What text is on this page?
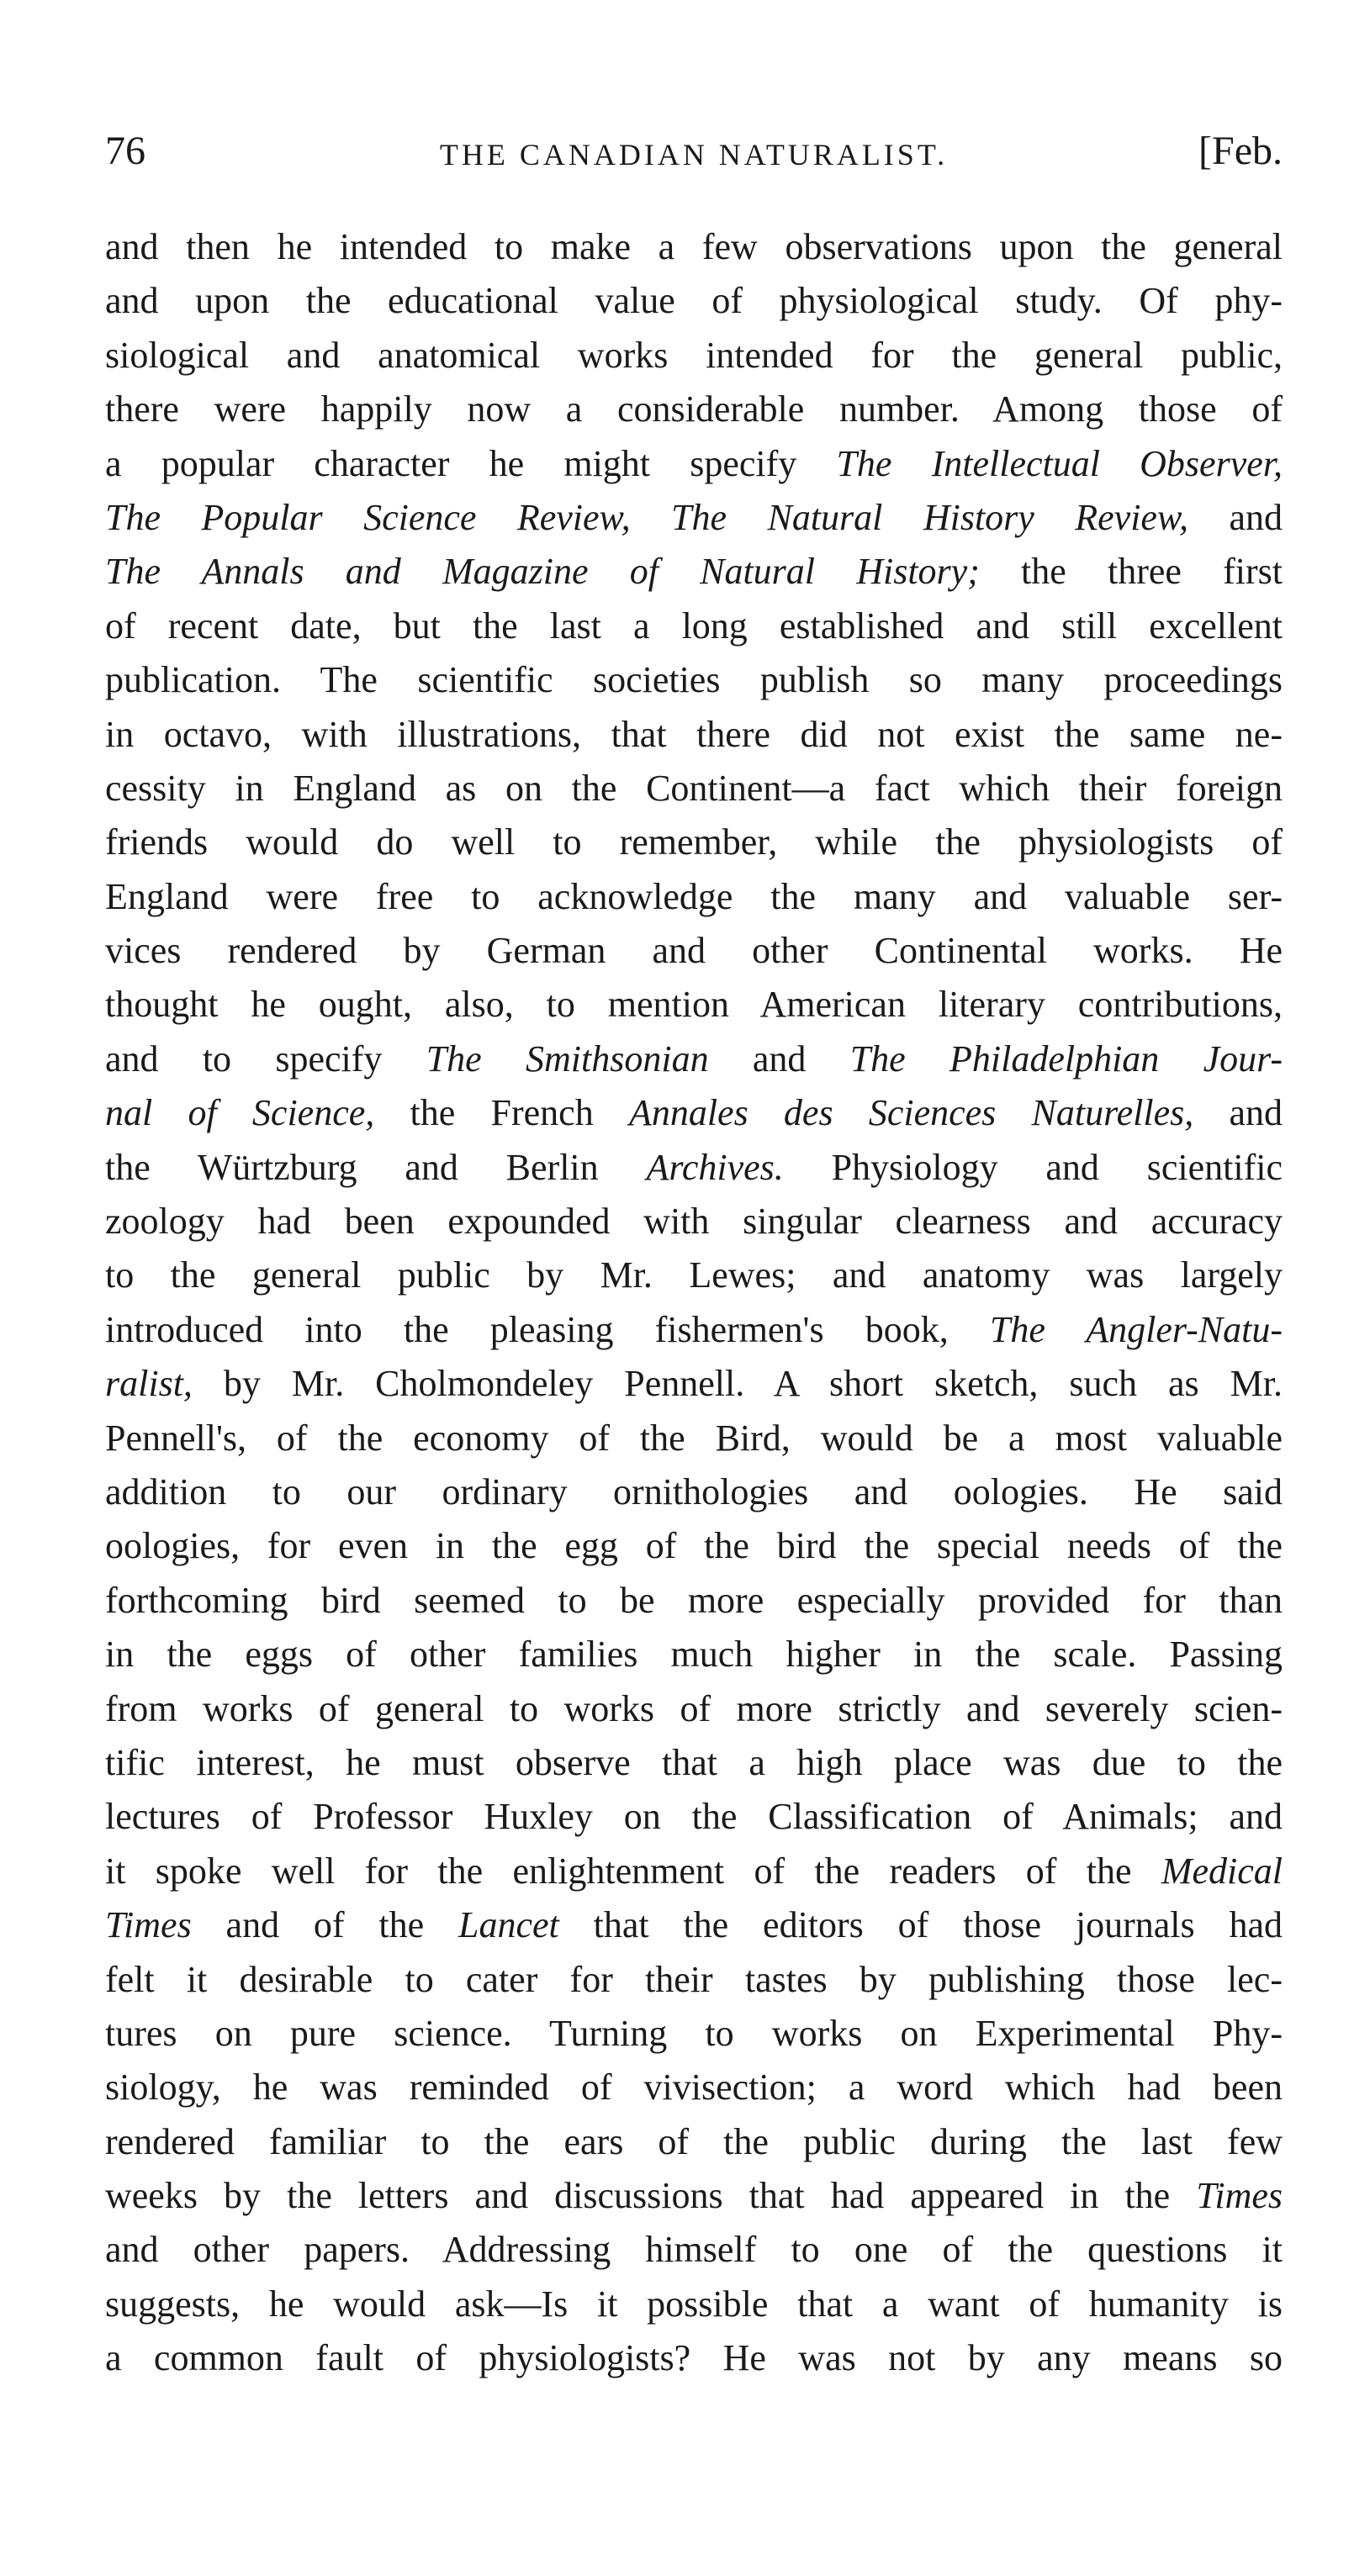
76	THE CANADIAN NATURALIST.	[Feb.
and then he intended to make a few observations upon the general
and upon the educational value of physiological study. Of phy-
siological and anatomical works intended for the general public,
there were happily now a considerable number. Among those of
a popular character he might specify The Intellectual Observer,
The Popular Science Review, The Natural History Review, and
The Annals and Magazine of Natural History; the three first
of recent date, but the last a long established and still excellent
publication. The scientific societies publish so many proceedings
in octavo, with illustrations, that there did not exist the same ne-
cessity in England as on the Continent—a fact which their foreign
friends would do well to remember, while the physiologists of
England were free to acknowledge the many and valuable ser-
vices rendered by German and other Continental works. He
thought he ought, also, to mention American literary contributions,
and to specify The Smithsonian and The Philadelphian Jour-
nal of Science, the French Annales des Sciences Naturelles, and
the Würtzburg and Berlin Archives. Physiology and scientific
zoology had been expounded with singular clearness and accuracy
to the general public by Mr. Lewes; and anatomy was largely
introduced into the pleasing fishermen's book, The Angler-Natu-
ralist, by Mr. Cholmondeley Pennell. A short sketch, such as Mr.
Pennell's, of the economy of the Bird, would be a most valuable
addition to our ordinary ornithologies and oologies. He said
oologies, for even in the egg of the bird the special needs of the
forthcoming bird seemed to be more especially provided for than
in the eggs of other families much higher in the scale. Passing
from works of general to works of more strictly and severely scien-
tific interest, he must observe that a high place was due to the
lectures of Professor Huxley on the Classification of Animals; and
it spoke well for the enlightenment of the readers of the Medical
Times and of the Lancet that the editors of those journals had
felt it desirable to cater for their tastes by publishing those lec-
tures on pure science. Turning to works on Experimental Phy-
siology, he was reminded of vivisection; a word which had been
rendered familiar to the ears of the public during the last few
weeks by the letters and discussions that had appeared in the Times
and other papers. Addressing himself to one of the questions it
suggests, he would ask—Is it possible that a want of humanity is
a common fault of physiologists? He was not by any means so
